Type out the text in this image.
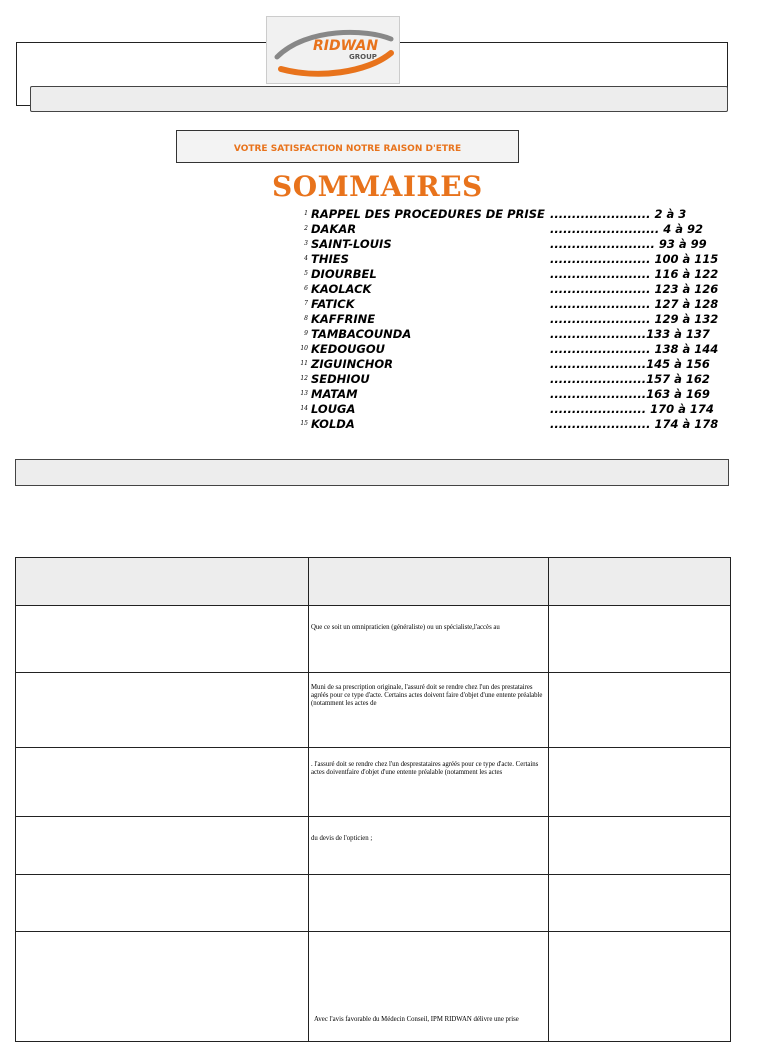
RIDWAN
GROUP
VOTRE SATISFACTION NOTRE RAISON D'ETRE
SOMMAIRES
1 RAPPEL DES PROCEDURES DE PRISE ....................... 2 à 3
2 DAKAR	......................... 4 à 92
3 SAINT-LOUIS	........................ 93 à 99
4 THIES	....................... 100 à 115
5 DIOURBEL	....................... 116 à 122
6 KAOLACK	....................... 123 à 126
7 FATICK	....................... 127 à 128
8 KAFFRINE	....................... 129 à 132
9 TAMBACOUNDA	......................133 à 137
10 KEDOUGOU	....................... 138 à 144
11 ZIGUINCHOR	......................145 à 156
12 SEDHIOU	......................157 à 162
13 MATAM	......................163 à 169
14 LOUGA	...................... 170 à 174
15 KOLDA	....................... 174 à 178

	Que ce soit un omnipraticien (généraliste) ou un spécialiste,l'accès au	

	Muni de sa prescription originale, l'assuré doit se rendre chez l'un des prestataires agréés pour ce type d'acte. Certains actes doivent faire d'objet d'une entente préalable (notamment les actes de	

	. l'assuré doit se rendre chez l'un desprestataires agréés pour ce type d'acte. Certains actes doiventfaire d'objet d'une entente préalable (notamment les actes	

	du devis de l'opticien ;	

	Avec l'avis favorable du Médecin Conseil, IPM RIDWAN délivre une prise	
